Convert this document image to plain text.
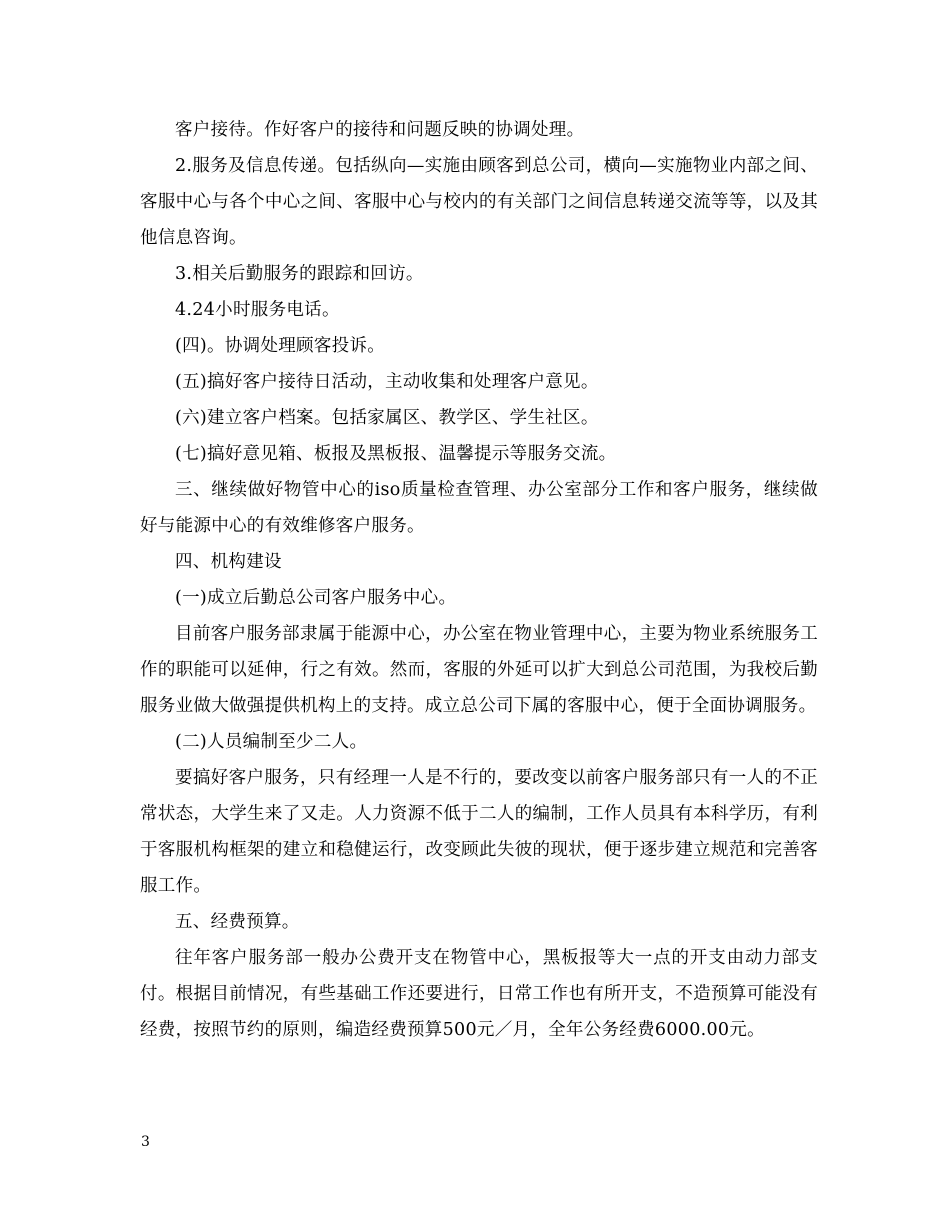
客户接待。作好客户的接待和问题反映的协调处理。

2.服务及信息传递。包括纵向—实施由顾客到总公司，横向—实施物业内部之间、客服中心与各个中心之间、客服中心与校内的有关部门之间信息转递交流等等，以及其他信息咨询。

3.相关后勤服务的跟踪和回访。

4.24小时服务电话。

(四)。协调处理顾客投诉。

(五)搞好客户接待日活动，主动收集和处理客户意见。

(六)建立客户档案。包括家属区、教学区、学生社区。

(七)搞好意见箱、板报及黑板报、温馨提示等服务交流。

三、继续做好物管中心的iso质量检查管理、办公室部分工作和客户服务，继续做好与能源中心的有效维修客户服务。

四、机构建设

(一)成立后勤总公司客户服务中心。

目前客户服务部隶属于能源中心，办公室在物业管理中心，主要为物业系统服务工作的职能可以延伸，行之有效。然而，客服的外延可以扩大到总公司范围，为我校后勤服务业做大做强提供机构上的支持。成立总公司下属的客服中心，便于全面协调服务。

(二)人员编制至少二人。

要搞好客户服务，只有经理一人是不行的，要改变以前客户服务部只有一人的不正常状态，大学生来了又走。人力资源不低于二人的编制，工作人员具有本科学历，有利于客服机构框架的建立和稳健运行，改变顾此失彼的现状，便于逐步建立规范和完善客服工作。

五、经费预算。

往年客户服务部一般办公费开支在物管中心，黑板报等大一点的开支由动力部支付。根据目前情况，有些基础工作还要进行，日常工作也有所开支，不造预算可能没有经费，按照节约的原则，编造经费预算500元／月，全年公务经费6000.00元。

3
